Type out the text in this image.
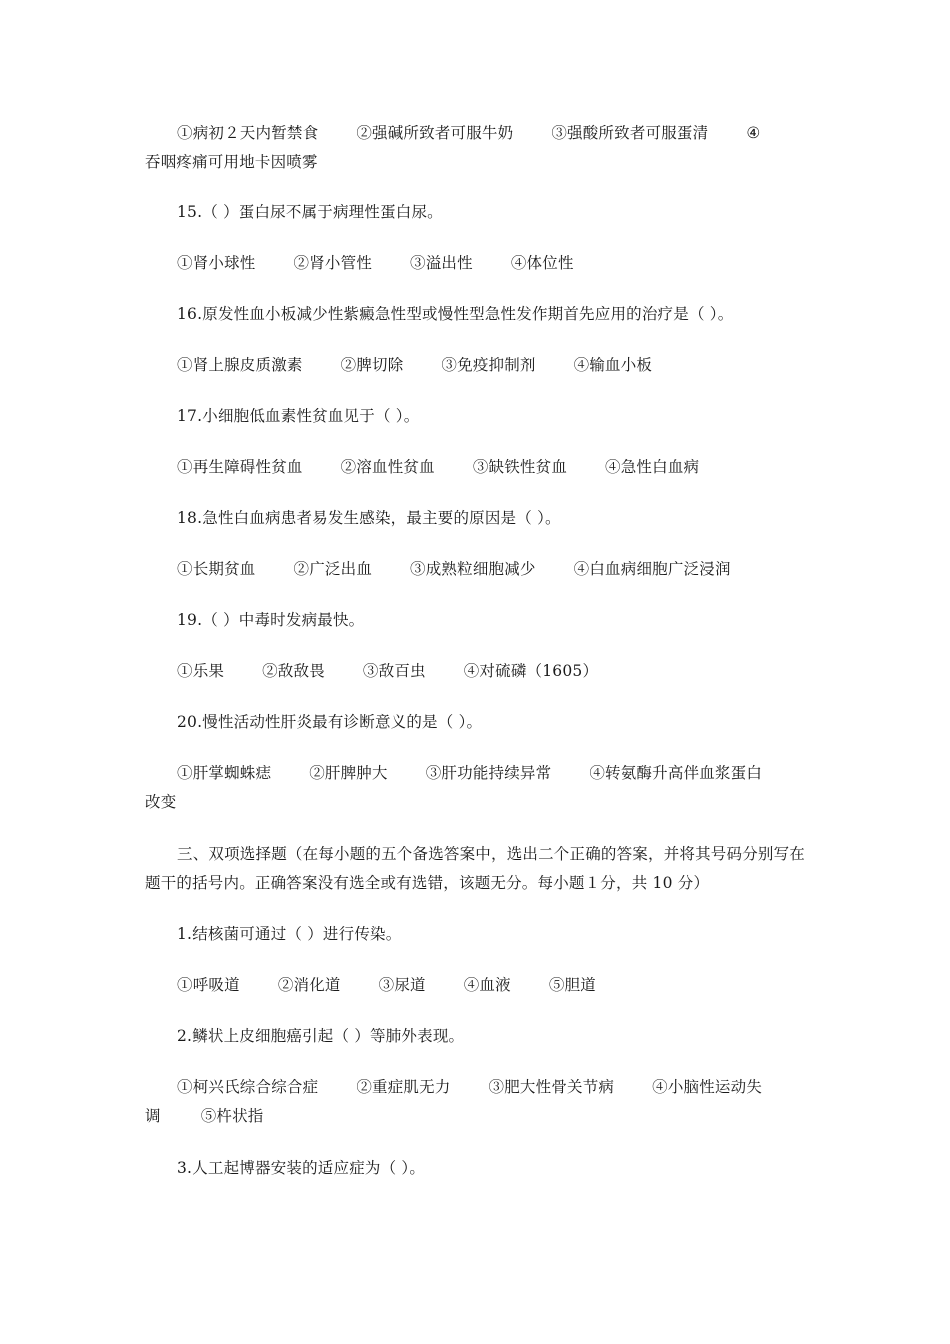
①病初２天内暂禁食 ②强碱所致者可服牛奶 ③强酸所致者可服蛋清 ④
吞咽疼痛可用地卡因喷雾
15.（ ）蛋白尿不属于病理性蛋白尿。
①肾小球性 ②肾小管性 ③溢出性 ④体位性
16.原发性血小板减少性紫癜急性型或慢性型急性发作期首先应用的治疗是（ ）。
①肾上腺皮质激素 ②脾切除 ③免疫抑制剂 ④输血小板
17.小细胞低血素性贫血见于（ ）。
①再生障碍性贫血 ②溶血性贫血 ③缺铁性贫血 ④急性白血病
18.急性白血病患者易发生感染，最主要的原因是（ ）。
①长期贫血 ②广泛出血 ③成熟粒细胞减少 ④白血病细胞广泛浸润
19.（ ）中毒时发病最快。
①乐果 ②敌敌畏 ③敌百虫 ④对硫磷（1605）
20.慢性活动性肝炎最有诊断意义的是（ ）。
①肝掌蜘蛛痣 ②肝脾肿大 ③肝功能持续异常 ④转氨酶升高伴血浆蛋白
改变
三、双项选择题（在每小题的五个备选答案中，选出二个正确的答案，并将其号码分别写在题干的括号内。正确答案没有选全或有选错，该题无分。每小题１分，共 10 分）
1.结核菌可通过（ ）进行传染。
①呼吸道 ②消化道 ③尿道 ④血液 ⑤胆道
2.鳞状上皮细胞癌引起（ ）等肺外表现。
①柯兴氏综合综合症 ②重症肌无力 ③肥大性骨关节病 ④小脑性运动失
调	⑤杵状指
3.人工起博器安装的适应症为（ ）。
